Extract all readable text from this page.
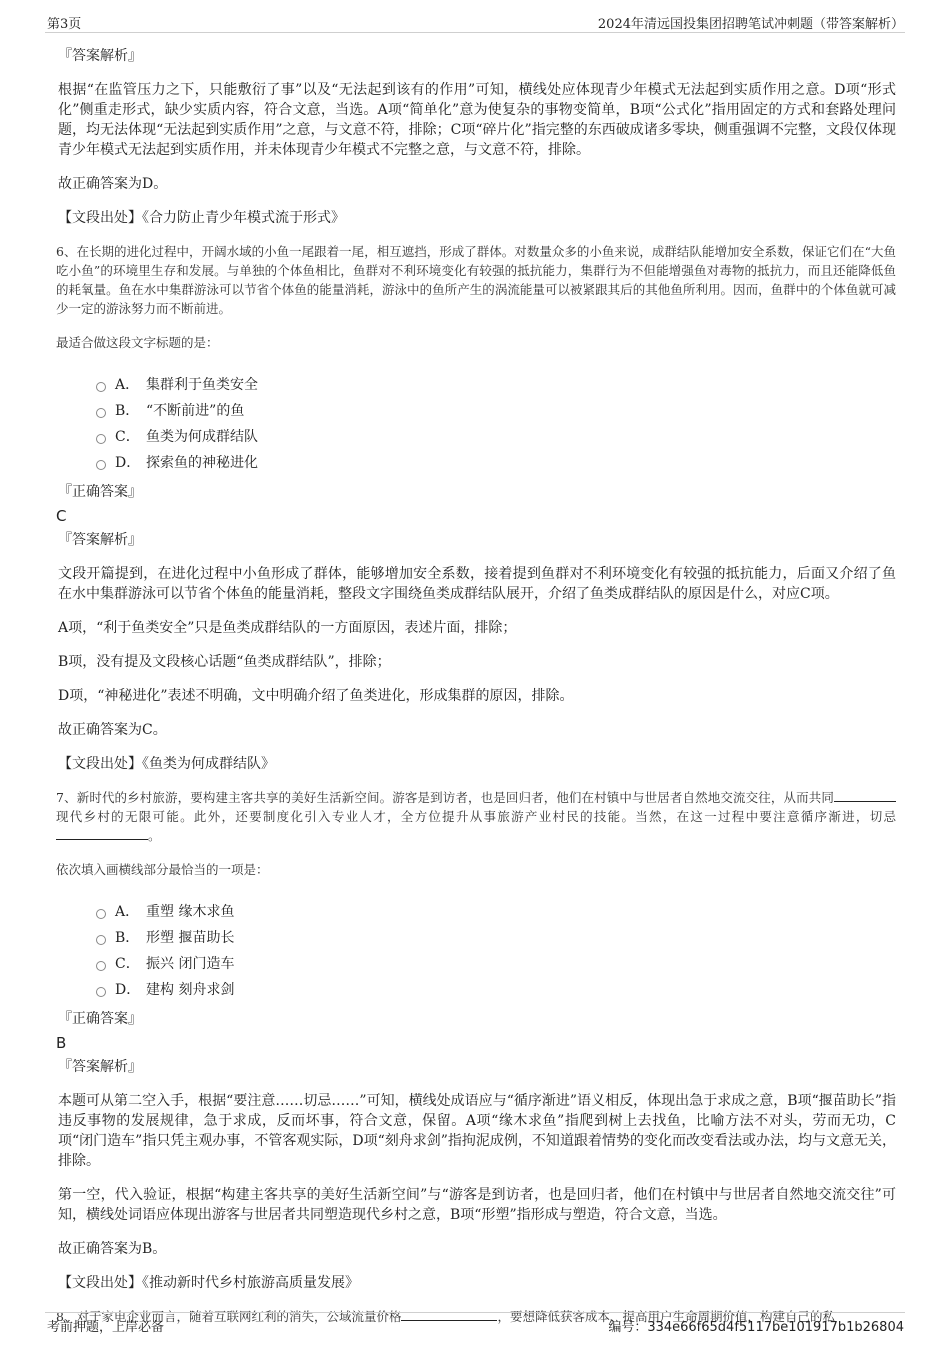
第3页	2024年清远国投集团招聘笔试冲刺题（带答案解析）
『答案解析』

根据“在监管压力之下，只能敷衍了事”以及“无法起到该有的作用”可知，横线处应体现青少年模式无法起到实质作用之意。D项“形式化”侧重走形式，缺少实质内容，符合文意，当选。A项“简单化”意为使复杂的事物变简单，B项“公式化”指用固定的方式和套路处理问题，均无法体现“无法起到实质作用”之意，与文意不符，排除；C项“碎片化”指完整的东西破成诸多零块，侧重强调不完整，文段仅体现青少年模式无法起到实质作用，并未体现青少年模式不完整之意，与文意不符，排除。

故正确答案为D。

【文段出处】《合力防止青少年模式流于形式》

6、在长期的进化过程中，开阔水域的小鱼一尾跟着一尾，相互遮挡，形成了群体。对数量众多的小鱼来说，成群结队能增加安全系数，保证它们在“大鱼吃小鱼”的环境里生存和发展。与单独的个体鱼相比，鱼群对不利环境变化有较强的抵抗能力，集群行为不但能增强鱼对毒物的抵抗力，而且还能降低鱼的耗氧量。鱼在水中集群游泳可以节省个体鱼的能量消耗，游泳中的鱼所产生的涡流能量可以被紧跟其后的其他鱼所利用。因而，鱼群中的个体鱼就可减少一定的游泳努力而不断前进。

最适合做这段文字标题的是：

A． 集群利于鱼类安全
B． “不断前进”的鱼
C． 鱼类为何成群结队
D． 探索鱼的神秘进化
『正确答案』
C
『答案解析』

文段开篇提到，在进化过程中小鱼形成了群体，能够增加安全系数，接着提到鱼群对不利环境变化有较强的抵抗能力，后面又介绍了鱼在水中集群游泳可以节省个体鱼的能量消耗，整段文字围绕鱼类成群结队展开，介绍了鱼类成群结队的原因是什么，对应C项。

A项，“利于鱼类安全”只是鱼类成群结队的一方面原因，表述片面，排除；

B项，没有提及文段核心话题“鱼类成群结队”，排除；

D项，“神秘进化”表述不明确，文中明确介绍了鱼类进化，形成集群的原因，排除。

故正确答案为C。

【文段出处】《鱼类为何成群结队》

7、新时代的乡村旅游，要构建主客共享的美好生活新空间。游客是到访者，也是回归者，他们在村镇中与世居者自然地交流交往，从而共同现代乡村的无限可能。此外，还要制度化引入专业人才，全方位提升从事旅游产业村民的技能。当然，在这一过程中要注意循序渐进，切忌。

依次填入画横线部分最恰当的一项是：

A． 重塑 缘木求鱼
B． 形塑 揠苗助长
C． 振兴 闭门造车
D． 建构 刻舟求剑
『正确答案』
B
『答案解析』

本题可从第二空入手，根据“要注意……切忌……”可知，横线处成语应与“循序渐进”语义相反，体现出急于求成之意，B项“揠苗助长”指违反事物的发展规律，急于求成，反而坏事，符合文意，保留。A项“缘木求鱼”指爬到树上去找鱼，比喻方法不对头，劳而无功，C项“闭门造车”指只凭主观办事，不管客观实际，D项“刻舟求剑”指拘泥成例，不知道跟着情势的变化而改变看法或办法，均与文意无关，排除。

第一空，代入验证，根据“构建主客共享的美好生活新空间”与“游客是到访者，也是回归者，他们在村镇中与世居者自然地交流交往”可知，横线处词语应体现出游客与世居者共同塑造现代乡村之意，B项“形塑”指形成与塑造，符合文意，当选。

故正确答案为B。

【文段出处】《推动新时代乡村旅游高质量发展》

8、对于家电企业而言，随着互联网红利的消失，公域流量价格	，要想降低获客成本、提高用户生命周期价值，构建自己的私

考前押题，上岸必备	编号：334e66f65d4f5117be101917b1b26804
